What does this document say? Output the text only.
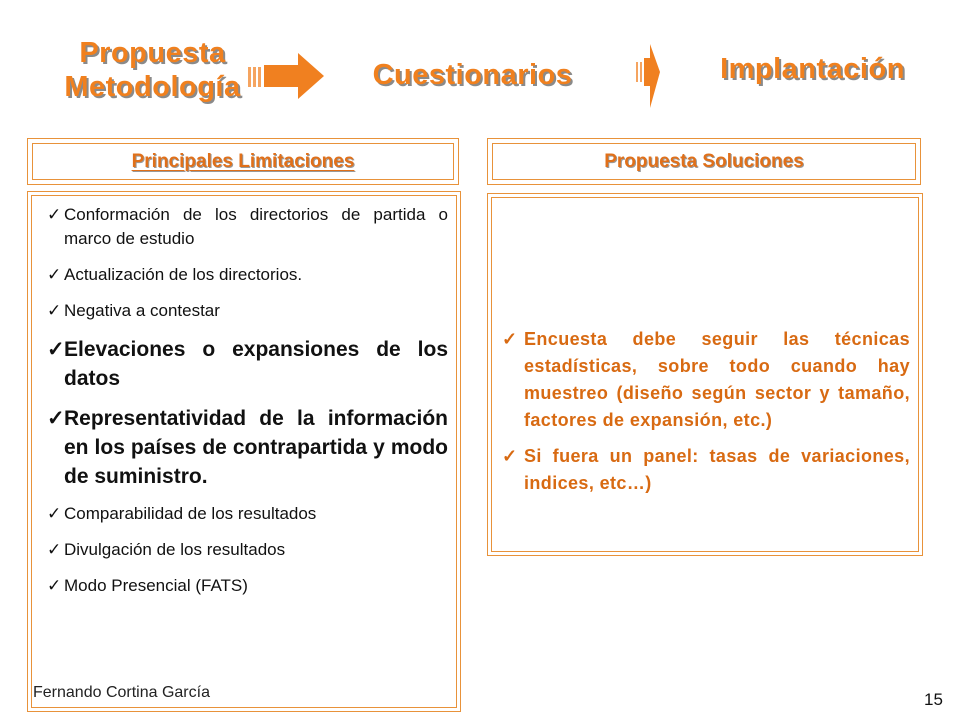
Propuesta Metodología	Cuestionarios	Implantación
Principales Limitaciones	Propuesta Soluciones
✓ Conformación de los directorios de partida o marco de estudio
✓ Actualización de los directorios.
✓ Negativa a contestar
✓ Elevaciones o expansiones de los datos
✓ Representatividad de la información en los países de contrapartida y modo de suministro.
✓ Comparabilidad de los resultados
✓ Divulgación de los resultados
✓ Modo Presencial (FATS)
✓ Encuesta debe seguir las técnicas estadísticas, sobre todo cuando hay muestreo (diseño según sector y tamaño, factores de expansión, etc.)
✓ Si fuera un panel: tasas de variaciones, indices, etc…)
Fernando Cortina García	15
